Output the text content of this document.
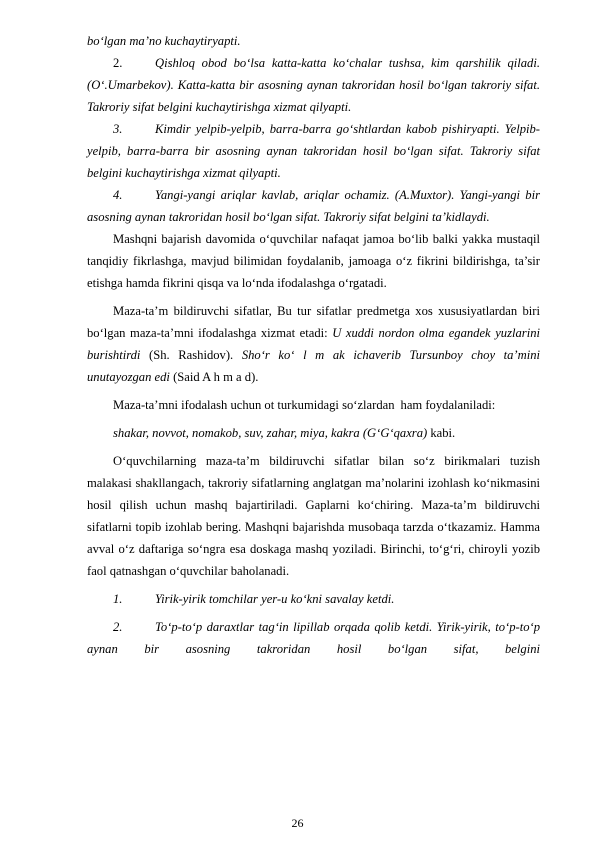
bo‘lgan ma’no kuchaytiryapti.

2.	Qishloq obod bo‘lsa katta-katta ko‘chalar tushsa, kim qarshilik qiladi. (O‘.Umarbekov). Katta-katta bir asosning aynan takroridan hosil bo‘lgan takroriy sifat. Takroriy sifat belgini kuchaytirishga xizmat qilyapti.

3.	Kimdir yelpib-yelpib, barra-barra go‘shtlardan kabob pishiryapti. Yelpib- yelpib, barra-barra bir asosning aynan takroridan hosil bo‘lgan sifat. Takroriy sifat belgini kuchaytirishga xizmat qilyapti.

4.	Yangi-yangi ariqlar kavlab, ariqlar ochamiz. (A.Muxtor). Yangi-yangi bir asosning aynan takroridan hosil bo‘lgan sifat. Takroriy sifat belgini ta’kidlaydi.

Mashqni bajarish davomida o‘quvchilar nafaqat jamoa bo‘lib balki yakka mustaqil tanqidiy fikrlashga, mavjud bilimidan foydalanib, jamoaga o‘z fikrini bildirishga, ta’sir etishga hamda fikrini qisqa va lo‘nda ifodalashga o‘rgatadi.

Maza-ta’m bildiruvchi sifatlar, Bu tur sifatlar predmetga xos xususiyatlardan biri bo‘lgan maza-ta’mni ifodalashga xizmat etadi: U xuddi nordon olma egandek yuzlarini burishtirdi (Sh. Rashidov). Sho‘r ko‘ l m ak ichaverib Tursunboy choy ta’mini unutayozgan edi (Said A h m a d).

Maza-ta’mni ifodalash uchun ot turkumidagi so‘zlardan ham foydalaniladi:

shakar, novvot, nomakob, suv, zahar, miya, kakra (G‘G‘qaxra) kabi.

O‘quvchilarning maza-ta’m bildiruvchi sifatlar bilan so‘z birikmalari tuzish malakasi shakllangach, takroriy sifatlarning anglatgan ma’nolarini izohlash ko‘nikmasini hosil qilish uchun mashq bajartiriladi. Gaplarni ko‘chiring. Maza-ta’m bildiruvchi sifatlarni topib izohlab bering. Mashqni bajarishda musobaqa tarzda o‘tkazamiz. Hamma avval o‘z daftariga so‘ngra esa doskaga mashq yoziladi. Birinchi, to‘g‘ri, chiroyli yozib faol qatnashgan o‘quvchilar baholanadi.

1.	Yirik-yirik tomchilar yer-u ko‘kni savalay ketdi.

2.	To‘p-to‘p daraxtlar tag‘in lipillab orqada qolib ketdi. Yirik-yirik, to‘p-to‘p aynan bir asosning takroridan hosil bo‘lgan sifat, belgini

26
